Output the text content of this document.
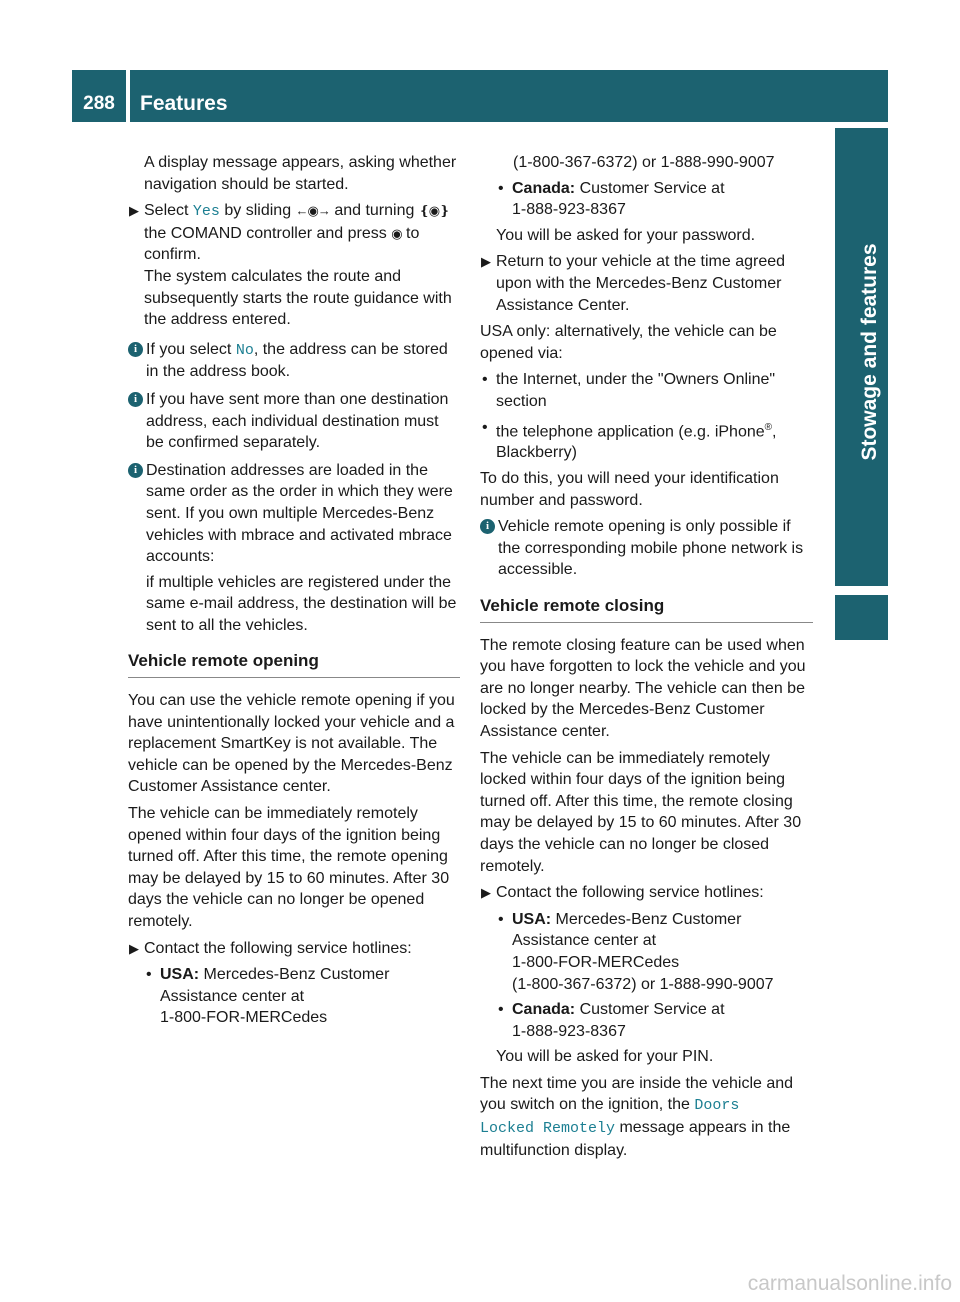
288	Features
Stowage and features

A display message appears, asking whether navigation should be started.

▶ Select Yes by sliding ←◉→ and turning ❴◉❵ the COMAND controller and press ◉ to confirm.
The system calculates the route and subsequently starts the route guidance with the address entered.
i If you select No, the address can be stored in the address book.
i If you have sent more than one destination address, each individual destination must be confirmed separately.
i Destination addresses are loaded in the same order as the order in which they were sent. If you own multiple Mercedes-Benz vehicles with mbrace and activated mbrace accounts:
if multiple vehicles are registered under the same e-mail address, the destination will be sent to all the vehicles.
Vehicle remote opening

You can use the vehicle remote opening if you have unintentionally locked your vehicle and a replacement SmartKey is not available. The vehicle can be opened by the Mercedes-Benz Customer Assistance center.

The vehicle can be immediately remotely opened within four days of the ignition being turned off. After this time, the remote opening may be delayed by 15 to 60 minutes. After 30 days the vehicle can no longer be opened remotely.

▶ Contact the following service hotlines:
• USA: Mercedes-Benz Customer Assistance center at
1-800-FOR-MERCedes
(1-800-367-6372) or 1-888-990-9007
• Canada: Customer Service at
1-888-923-8367

You will be asked for your password.

▶ Return to your vehicle at the time agreed upon with the Mercedes-Benz Customer Assistance Center.

USA only: alternatively, the vehicle can be opened via:

• the Internet, under the "Owners Online" section
• the telephone application (e.g. iPhone®, Blackberry)

To do this, you will need your identification number and password.

i Vehicle remote opening is only possible if the corresponding mobile phone network is accessible.
Vehicle remote closing

The remote closing feature can be used when you have forgotten to lock the vehicle and you are no longer nearby. The vehicle can then be locked by the Mercedes-Benz Customer Assistance center.

The vehicle can be immediately remotely locked within four days of the ignition being turned off. After this time, the remote closing may be delayed by 15 to 60 minutes. After 30 days the vehicle can no longer be closed remotely.

▶ Contact the following service hotlines:
• USA: Mercedes-Benz Customer Assistance center at
1-800-FOR-MERCedes
(1-800-367-6372) or 1-888-990-9007
• Canada: Customer Service at
1-888-923-8367

You will be asked for your PIN.

The next time you are inside the vehicle and you switch on the ignition, the Doors
Locked Remotely message appears in the multifunction display.

carmanualsonline.info
